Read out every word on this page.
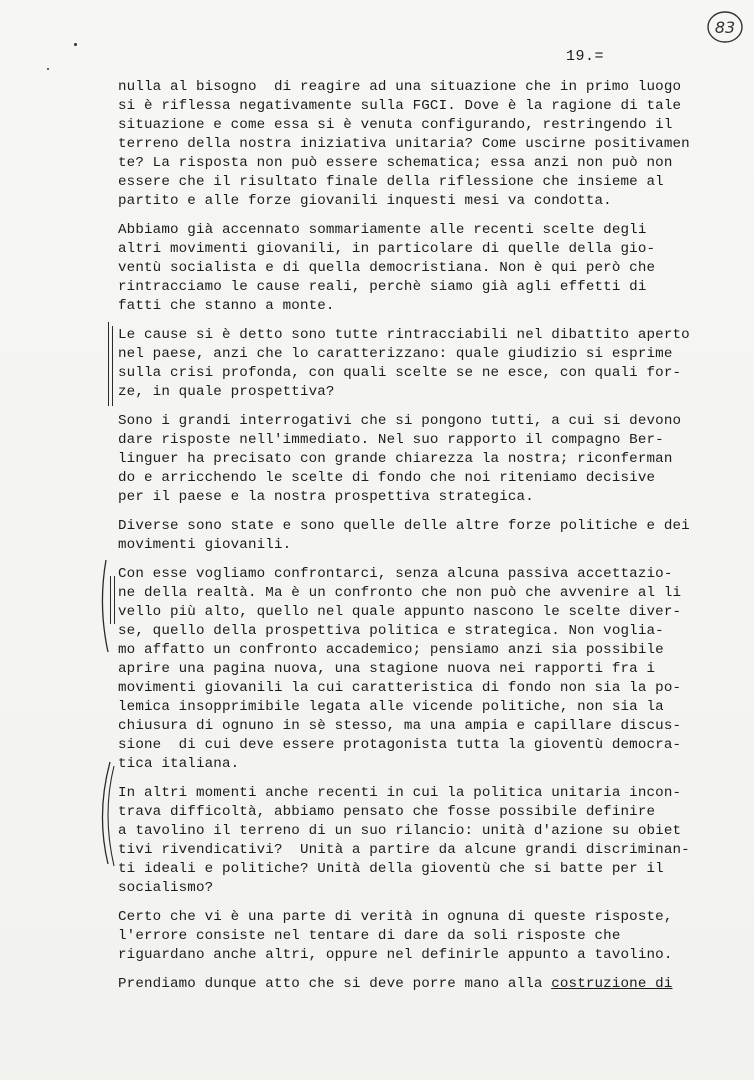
83
19.=
nulla al bisogno  di reagire ad una situazione che in primo luogo
si è riflessa negativamente sulla FGCI. Dove è la ragione di tale
situazione e come essa si è venuta configurando, restringendo il
terreno della nostra iniziativa unitaria? Come uscirne positivamen
te? La risposta non può essere schematica; essa anzi non può non
essere che il risultato finale della riflessione che insieme al
partito e alle forze giovanili inquesti mesi va condotta.
Abbiamo già accennato sommariamente alle recenti scelte degli
altri movimenti giovanili, in particolare di quelle della gio-
ventù socialista e di quella democristiana. Non è qui però che
rintracciamo le cause reali, perchè siamo già agli effetti di
fatti che stanno a monte.
Le cause si è detto sono tutte rintracciabili nel dibattito aperto
nel paese, anzi che lo caratterizzano: quale giudizio si esprime
sulla crisi profonda, con quali scelte se ne esce, con quali for-
ze, in quale prospettiva?
Sono i grandi interrogativi che si pongono tutti, a cui si devono
dare risposte nell'immediato. Nel suo rapporto il compagno Ber-
linguer ha precisato con grande chiarezza la nostra; riconferman
do e arricchendo le scelte di fondo che noi riteniamo decisive
per il paese e la nostra prospettiva strategica.
Diverse sono state e sono quelle delle altre forze politiche e dei
movimenti giovanili.
Con esse vogliamo confrontarci, senza alcuna passiva accettazio-
ne della realtà. Ma è un confronto che non può che avvenire al li
vello più alto, quello nel quale appunto nascono le scelte diver-
se, quello della prospettiva politica e strategica. Non voglia-
mo affatto un confronto accademico; pensiamo anzi sia possibile
aprire una pagina nuova, una stagione nuova nei rapporti fra i
movimenti giovanili la cui caratteristica di fondo non sia la po-
lemica insopprimibile legata alle vicende politiche, non sia la
chiusura di ognuno in sè stesso, ma una ampia e capillare discus-
sione  di cui deve essere protagonista tutta la gioventù democra-
tica italiana.
In altri momenti anche recenti in cui la politica unitaria incon-
trava difficoltà, abbiamo pensato che fosse possibile definire
a tavolino il terreno di un suo rilancio: unità d'azione su obiet
tivi rivendicativi?  Unità a partire da alcune grandi discriminan-
ti ideali e politiche? Unità della gioventù che si batte per il
socialismo?
Certo che vi è una parte di verità in ognuna di queste risposte,
l'errore consiste nel tentare di dare da soli risposte che
riguardano anche altri, oppure nel definirle appunto a tavolino.
Prendiamo dunque atto che si deve porre mano alla costruzione di
